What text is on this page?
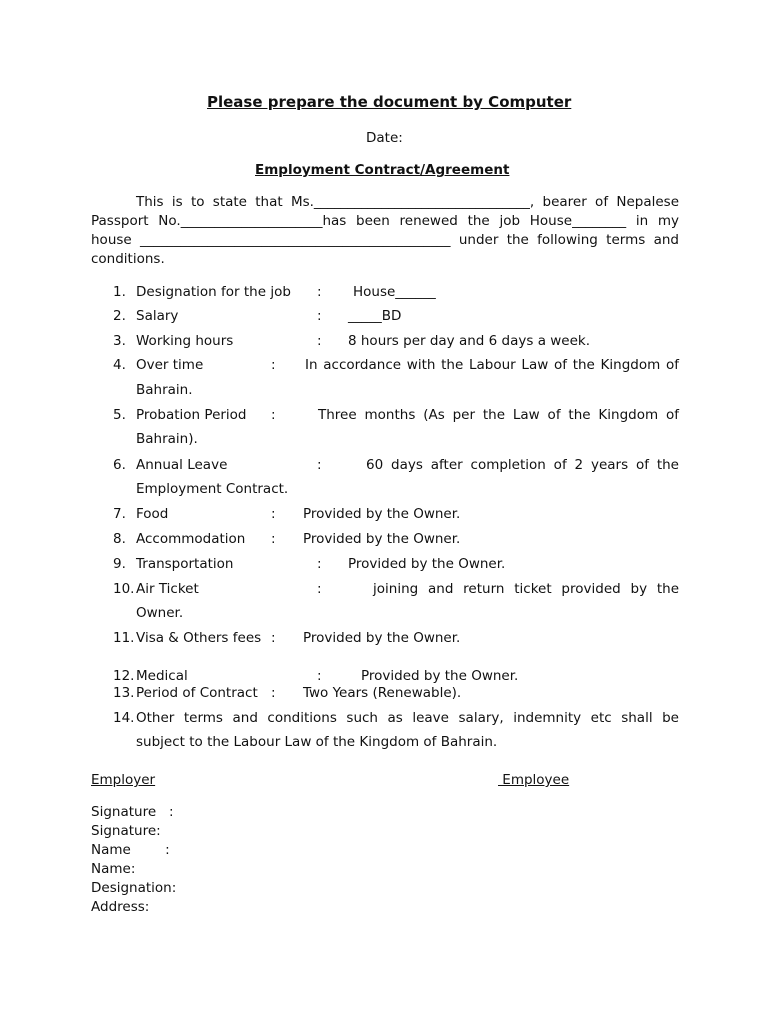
Please prepare the document by Computer
Date:
Employment Contract/Agreement
This is to state that Ms.________________________________, bearer of Nepalese
Passport No._____________________has been renewed the job House________ in my
house ______________________________________________ under the following terms and
conditions.
1. Designation for the job : House______
2. Salary	: _____BD
3. Working hours	: 8 hours per day and 6 days a week.
4. Over time	: In accordance with the Labour Law of the Kingdom of
Bahrain.
5. Probation Period :	Three months (As per the Law of the Kingdom of
Bahrain).
6. Annual Leave	:	60 days after completion of 2 years of the
Employment Contract.
7. Food	: Provided by the Owner.
8. Accommodation : Provided by the Owner.
9. Transportation	: Provided by the Owner.
10. Air Ticket	:	joining and return ticket provided by the
Owner.
11. Visa & Others fees : Provided by the Owner.
12. Medical	:	Provided by the Owner.
13. Period of Contract : Two Years (Renewable).
14. Other terms and conditions such as leave salary, indemnity etc shall be
subject to the Labour Law of the Kingdom of Bahrain.
Employer	Employee
Signature   :
Signature:
Name        :
Name:
Designation:
Address:
